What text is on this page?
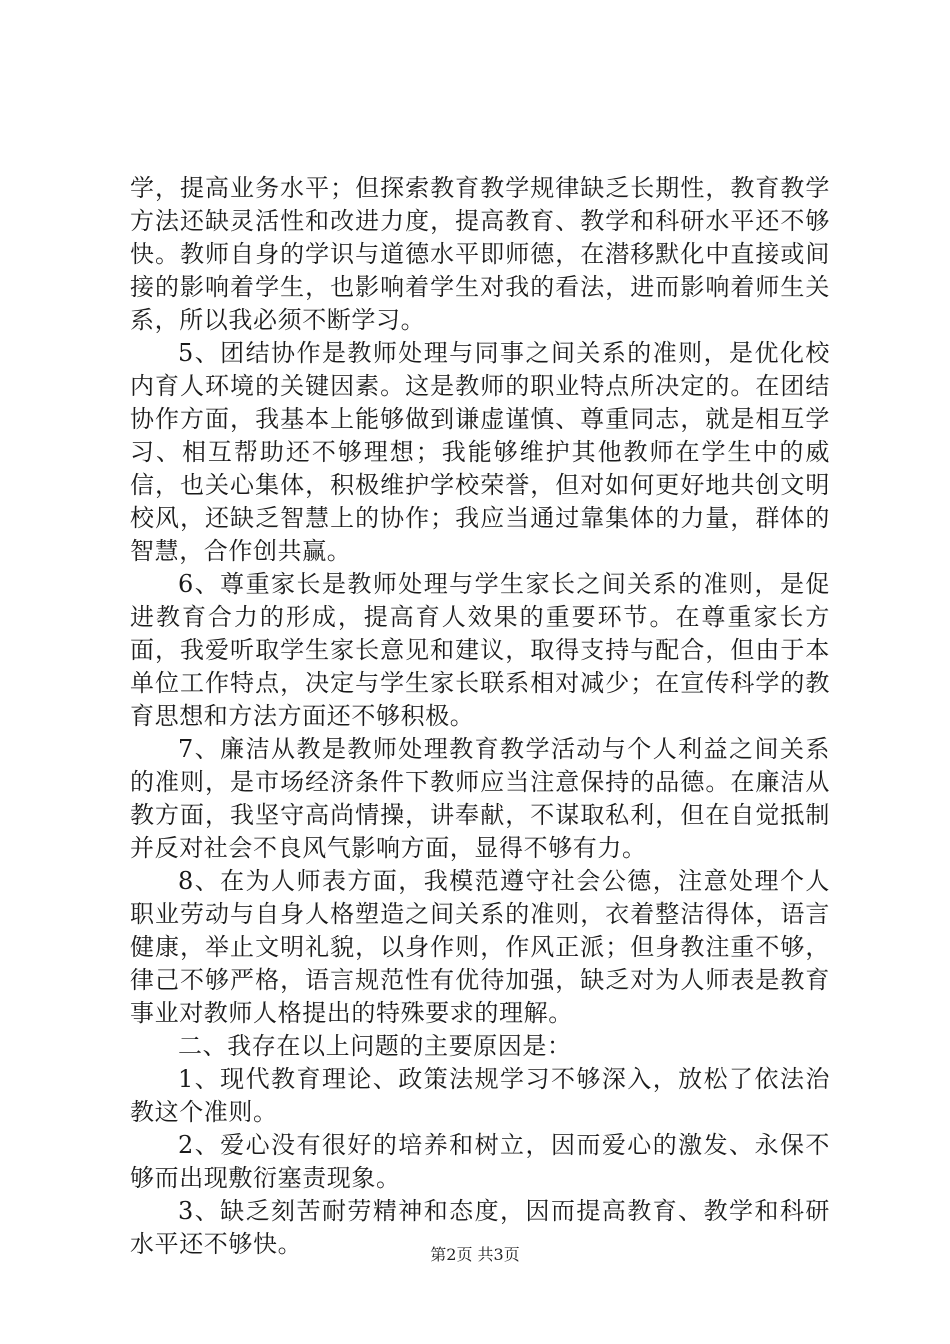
学，提高业务水平；但探索教育教学规律缺乏长期性，教育教学方法还缺灵活性和改进力度，提高教育、教学和科研水平还不够快。教师自身的学识与道德水平即师德，在潜移默化中直接或间接的影响着学生，也影响着学生对我的看法，进而影响着师生关系，所以我必须不断学习。

5、团结协作是教师处理与同事之间关系的准则，是优化校内育人环境的关键因素。这是教师的职业特点所决定的。在团结协作方面，我基本上能够做到谦虚谨慎、尊重同志，就是相互学习、相互帮助还不够理想；我能够维护其他教师在学生中的威信，也关心集体，积极维护学校荣誉，但对如何更好地共创文明校风，还缺乏智慧上的协作；我应当通过靠集体的力量，群体的智慧，合作创共赢。

6、尊重家长是教师处理与学生家长之间关系的准则，是促进教育合力的形成，提高育人效果的重要环节。在尊重家长方面，我爱听取学生家长意见和建议，取得支持与配合，但由于本单位工作特点，决定与学生家长联系相对减少；在宣传科学的教育思想和方法方面还不够积极。

7、廉洁从教是教师处理教育教学活动与个人利益之间关系的准则，是市场经济条件下教师应当注意保持的品德。在廉洁从教方面，我坚守高尚情操，讲奉献，不谋取私利，但在自觉抵制并反对社会不良风气影响方面，显得不够有力。

8、在为人师表方面，我模范遵守社会公德，注意处理个人职业劳动与自身人格塑造之间关系的准则，衣着整洁得体，语言健康，举止文明礼貌，以身作则，作风正派；但身教注重不够，律己不够严格，语言规范性有优待加强，缺乏对为人师表是教育事业对教师人格提出的特殊要求的理解。

二、我存在以上问题的主要原因是：

1、现代教育理论、政策法规学习不够深入，放松了依法治教这个准则。

2、爱心没有很好的培养和树立，因而爱心的激发、永保不够而出现敷衍塞责现象。

3、缺乏刻苦耐劳精神和态度，因而提高教育、教学和科研水平还不够快。	第2页 共3页
